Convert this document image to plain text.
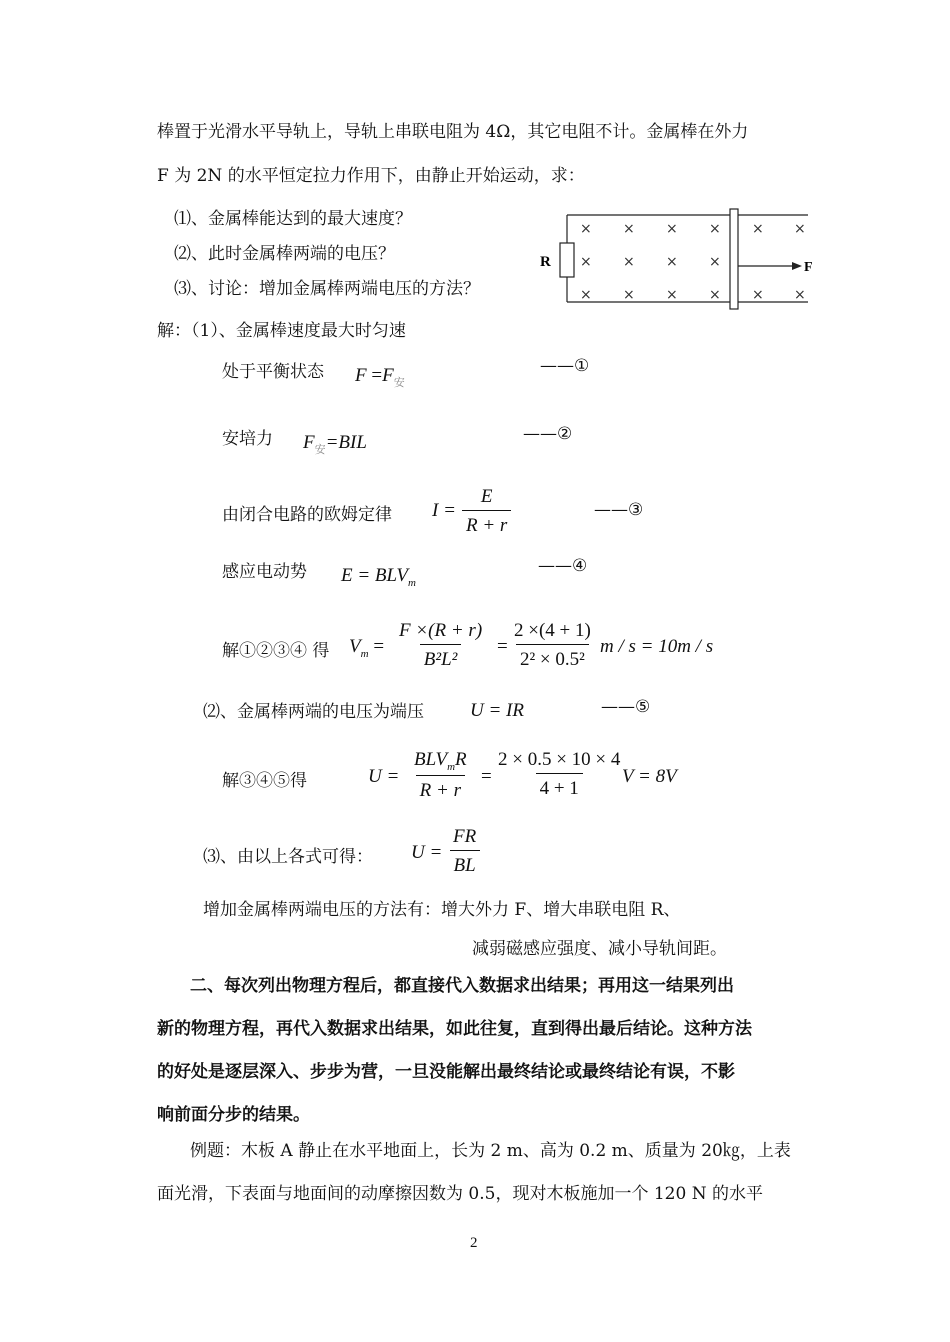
棒置于光滑水平导轨上，导轨上串联电阻为 4Ω，其它电阻不计。金属棒在外力
F 为 2N 的水平恒定拉力作用下，由静止开始运动，求：
⑴、金属棒能达到的最大速度？
⑵、此时金属棒两端的电压？
⑶、讨论：增加金属棒两端电压的方法？
R	F
× × × × × ×
× × × ×
× × × × × ×
解：（1）、金属棒速度最大时匀速
处于平衡状态 $F =F_安$
——①
安培力 $F_安=BIL$	——②
由闭合电路的欧姆定律 $I = \frac{E}{R + r}$	——③
感应电动势 $E = BLV_m$
——④
解①②③④ 得 $V_m = \frac{F \times(R + r)}{\text{B²L²}} = \frac{2 \times(4 + 1)}{\text{2² × 0.5²}}$ m / s = 10m / s
⑵、金属棒两端的电压为端压 U = IR	——⑤
解③④⑤得	U =
$BLV_mR$
R + r
= $\frac{2 \times 0.5 \times 10 \times 4}{4 + 1}$
V = 8V
⑶、由以上各式可得： $U = \frac{FR}{BL}$
增加金属棒两端电压的方法有：增大外力 F、增大串联电阻 R、
减弱磁感应强度、减小导轨间距。
二、每次列出物理方程后，都直接代入数据求出结果；再用这一结果列出
新的物理方程，再代入数据求出结果，如此往复，直到得出最后结论。这种方法
的好处是逐层深入、步步为营，一旦没能解出最终结论或最终结论有误，不影
响前面分步的结果。
例题：木板 A 静止在水平地面上，长为 2 m、高为 0.2 m、质量为 20㎏，上表
面光滑，下表面与地面间的动摩擦因数为 0.5，现对木板施加一个 120 N 的水平
2
